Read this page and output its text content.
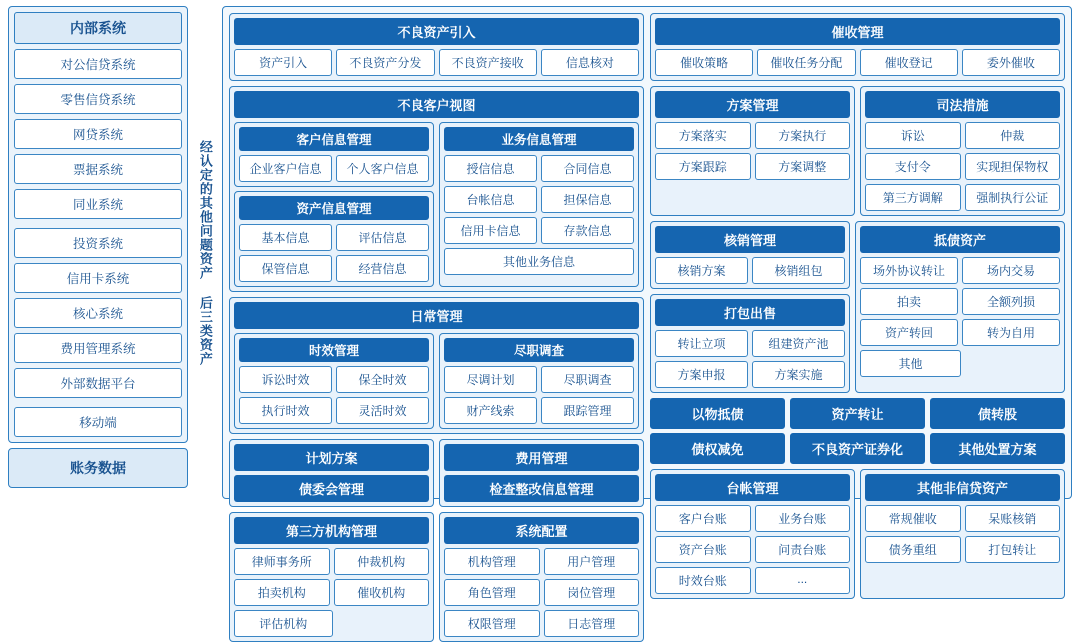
内部系统
对公信贷系统
零售信贷系统
网贷系统
票据系统
同业系统
投资系统
信用卡系统
核心系统
费用管理系统
外部数据平台
移动端
账务数据
经认定的其他问题资产 后三类资产
不良资产引入
资产引入	不良资产分发	不良资产接收	信息核对
不良客户视图
客户信息管理
企业客户信息	个人客户信息
资产信息管理
基本信息	评估信息
保管信息	经营信息
业务信息管理
授信信息	合同信息
台帐信息	担保信息
信用卡信息	存款信息
其他业务信息
日常管理
时效管理
诉讼时效	保全时效
执行时效	灵活时效
尽职调查
尽调计划	尽职调查
财产线索	跟踪管理
计划方案
债委会管理
费用管理
检查整改信息管理
第三方机构管理
律师事务所	仲裁机构
拍卖机构	催收机构
评估机构
系统配置
机构管理	用户管理
角色管理	岗位管理
权限管理	日志管理
催收管理
催收策略	催收任务分配	催收登记	委外催收
方案管理
方案落实	方案执行
方案跟踪	方案调整
司法措施
诉讼	仲裁
支付令	实现担保物权
第三方调解	强制执行公证
核销管理
核销方案	核销组包
打包出售
转让立项	组建资产池
方案申报	方案实施
抵债资产
场外协议转让	场内交易
拍卖	全额列损
资产转回	转为自用
其他
以物抵债	资产转让	债转股
债权减免	不良资产证券化	其他处置方案
台帐管理
客户台账	业务台账
资产台账	问责台账
时效台账	...
其他非信贷资产
常规催收	呆账核销
债务重组	打包转让
